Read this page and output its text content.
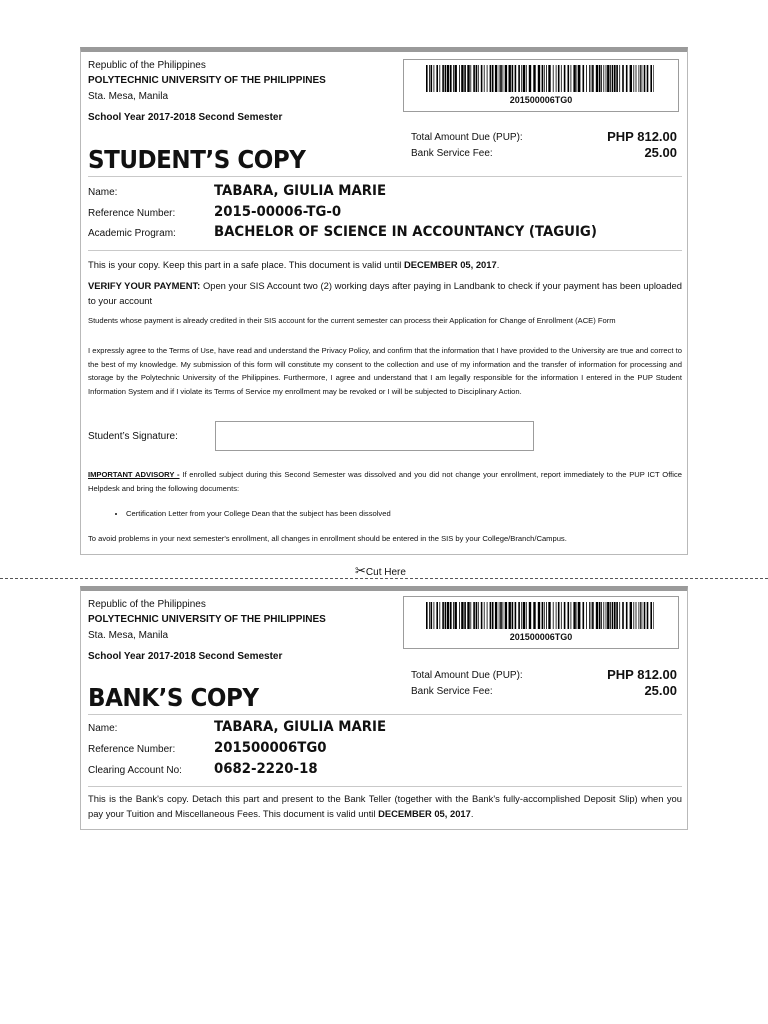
Republic of the Philippines
POLYTECHNIC UNIVERSITY OF THE PHILIPPINES
Sta. Mesa, Manila
School Year 2017-2018 Second Semester
201500006TG0
Total Amount Due (PUP):	PHP 812.00
Bank Service Fee:	25.00
STUDENT’S COPY
Name:	TABARA, GIULIA MARIE
Reference Number:	2015-00006-TG-0
Academic Program:	BACHELOR OF SCIENCE IN ACCOUNTANCY (TAGUIG)
This is your copy. Keep this part in a safe place. This document is valid until DECEMBER 05, 2017.
VERIFY YOUR PAYMENT: Open your SIS Account two (2) working days after paying in Landbank to check if your payment has been uploaded to your account
Students whose payment is already credited in their SIS account for the current semester can process their Application for Change of Enrollment (ACE) Form
I expressly agree to the Terms of Use, have read and understand the Privacy Policy, and confirm that the information that I have provided to the University are true and correct to the best of my knowledge. My submission of this form will constitute my consent to the collection and use of my information and the transfer of information for processing and storage by the Polytechnic University of the Philippines. Furthermore, I agree and understand that I am legally responsible for the information I entered in the PUP Student Information System and if I violate its Terms of Service my enrollment may be revoked or I will be subjected to Disciplinary Action.
Student’s Signature:
IMPORTANT ADVISORY - If enrolled subject during this Second Semester was dissolved and you did not change your enrollment, report immediately to the PUP ICT Office Helpdesk and bring the following documents:
• Certification Letter from your College Dean that the subject has been dissolved
To avoid problems in your next semester's enrollment, all changes in enrollment should be entered in the SIS by your College/Branch/Campus.
✂Cut Here
Republic of the Philippines
POLYTECHNIC UNIVERSITY OF THE PHILIPPINES
Sta. Mesa, Manila
School Year 2017-2018 Second Semester
201500006TG0
Total Amount Due (PUP):	PHP 812.00
Bank Service Fee:	25.00
BANK’S COPY
Name:	TABARA, GIULIA MARIE
Reference Number:	201500006TG0
Clearing Account No: 0682-2220-18
This is the Bank's copy. Detach this part and present to the Bank Teller (together with the Bank's fully-accomplished Deposit Slip) when you pay your Tuition and Miscellaneous Fees. This document is valid until DECEMBER 05, 2017.
